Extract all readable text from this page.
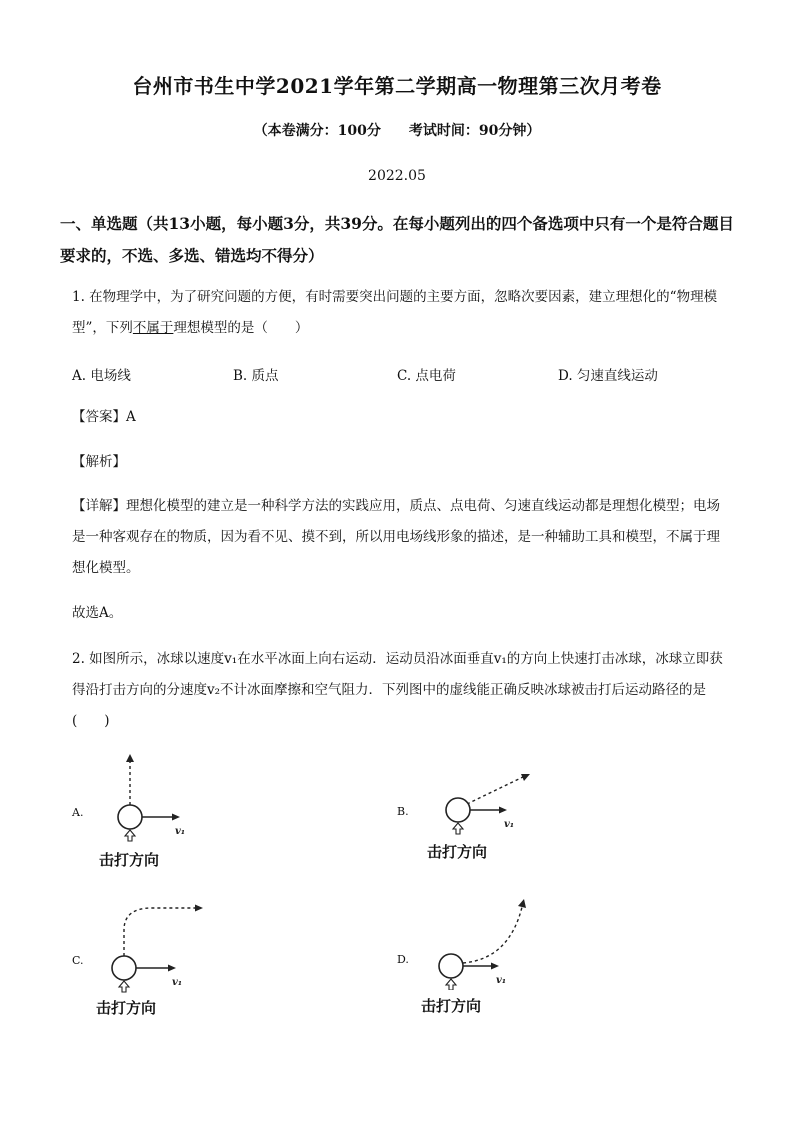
台州市书生中学2021学年第二学期高一物理第三次月考卷
（本卷满分：100分　　考试时间：90分钟）
2022.05
一、单选题（共13小题，每小题3分，共39分。在每小题列出的四个备选项中只有一个是符合题目要求的，不选、多选、错选均不得分）
1. 在物理学中，为了研究问题的方便，有时需要突出问题的主要方面，忽略次要因素，建立理想化的“物理模型”，下列不属于理想模型的是（　　）
A. 电场线	B. 质点	C. 点电荷	D. 匀速直线运动
【答案】A
【解析】
【详解】理想化模型的建立是一种科学方法的实践应用，质点、点电荷、匀速直线运动都是理想化模型；电场是一种客观存在的物质，因为看不见、摸不到，所以用电场线形象的描述，是一种辅助工具和模型，不属于理想化模型。
故选A。
2. 如图所示，冰球以速度v₁在水平冰面上向右运动．运动员沿冰面垂直v₁的方向上快速打击冰球，冰球立即获得沿打击方向的分速度v₂不计冰面摩擦和空气阻力．下列图中的虚线能正确反映冰球被击打后运动路径的是(　　)
A.
v₁
击打方向
B.
v₁
击打方向
C.
v₁
击打方向
D.
v₁
击打方向
